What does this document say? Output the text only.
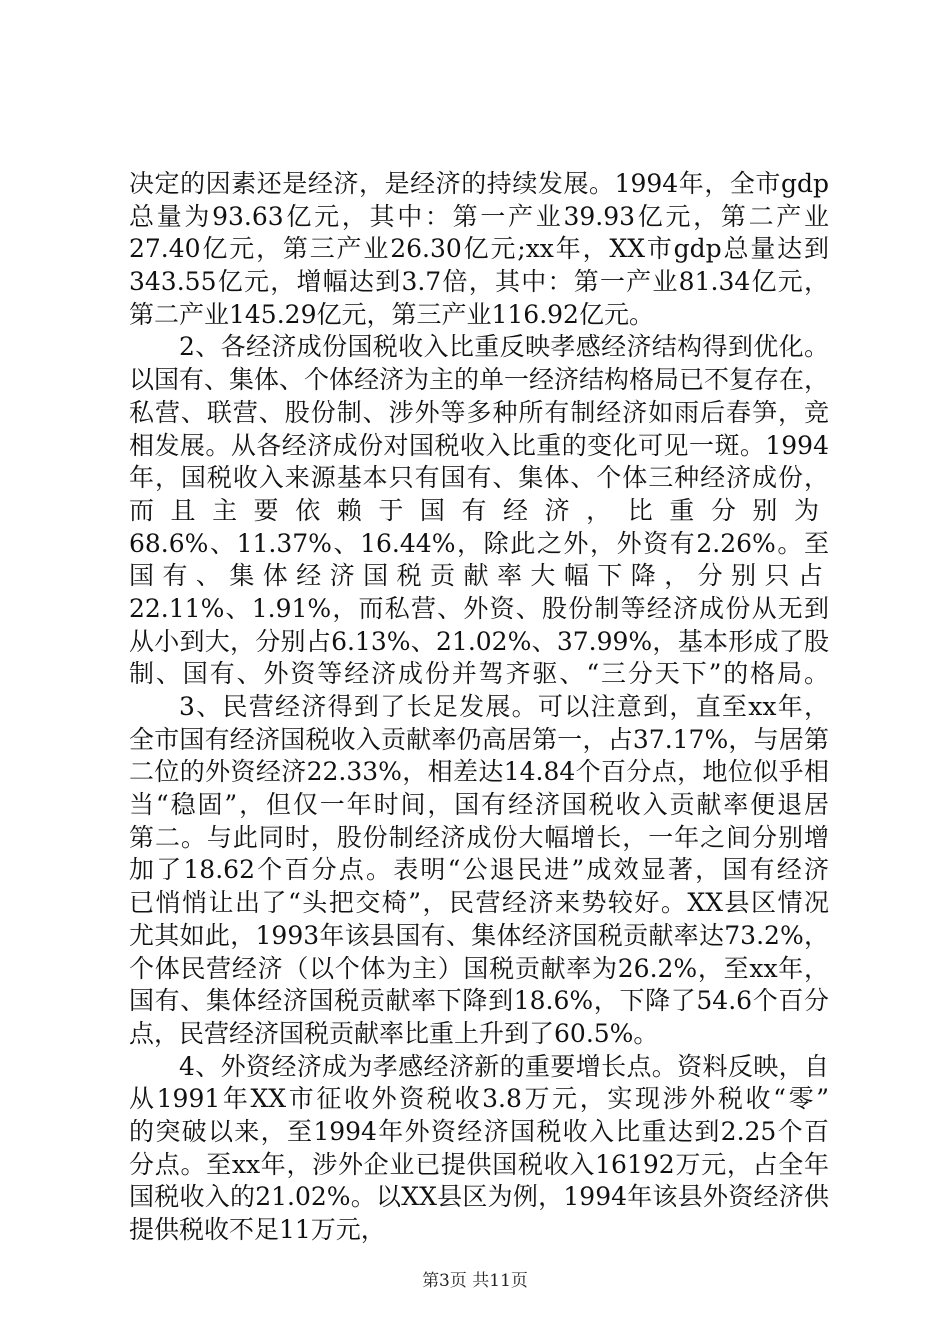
决定的因素还是经济，是经济的持续发展。1994年，全市gdp
总量为93.63亿元，其中：第一产业39.93亿元，第二产业
27.40亿元，第三产业26.30亿元;xx年，XX市gdp总量达到
343.55亿元，增幅达到3.7倍，其中：第一产业81.34亿元，
第二产业145.29亿元，第三产业116.92亿元。
2、各经济成份国税收入比重反映孝感经济结构得到优化。
以国有、集体、个体经济为主的单一经济结构格局已不复存在，
私营、联营、股份制、涉外等多种所有制经济如雨后春笋，竞
相发展。从各经济成份对国税收入比重的变化可见一斑。1994
年，国税收入来源基本只有国有、集体、个体三种经济成份，
而且主要依赖于国有经济，比重分别为
68.6%、11.37%、16.44%，除此之外，外资有2.26%。至
国有、集体经济国税贡献率大幅下降，分别只占
22.11%、1.91%，而私营、外资、股份制等经济成份从无到
从小到大，分别占6.13%、21.02%、37.99%，基本形成了股
制、国有、外资等经济成份并驾齐驱、“三分天下”的格局。
3、民营经济得到了长足发展。可以注意到，直至xx年，
全市国有经济国税收入贡献率仍高居第一，占37.17%，与居第
二位的外资经济22.33%，相差达14.84个百分点，地位似乎相
当“稳固”，但仅一年时间，国有经济国税收入贡献率便退居
第二。与此同时，股份制经济成份大幅增长，一年之间分别增
加了18.62个百分点。表明“公退民进”成效显著，国有经济
已悄悄让出了“头把交椅”，民营经济来势较好。XX县区情况
尤其如此，1993年该县国有、集体经济国税贡献率达73.2%，
个体民营经济（以个体为主）国税贡献率为26.2%，至xx年，
国有、集体经济国税贡献率下降到18.6%，下降了54.6个百分
点，民营经济国税贡献率比重上升到了60.5%。
4、外资经济成为孝感经济新的重要增长点。资料反映，自
从1991年XX市征收外资税收3.8万元，实现涉外税收“零”
的突破以来，至1994年外资经济国税收入比重达到2.25个百
分点。至xx年，涉外企业已提供国税收入16192万元，占全年
国税收入的21.02%。以XX县区为例，1994年该县外资经济供
提供税收不足11万元，
第3页 共11页
